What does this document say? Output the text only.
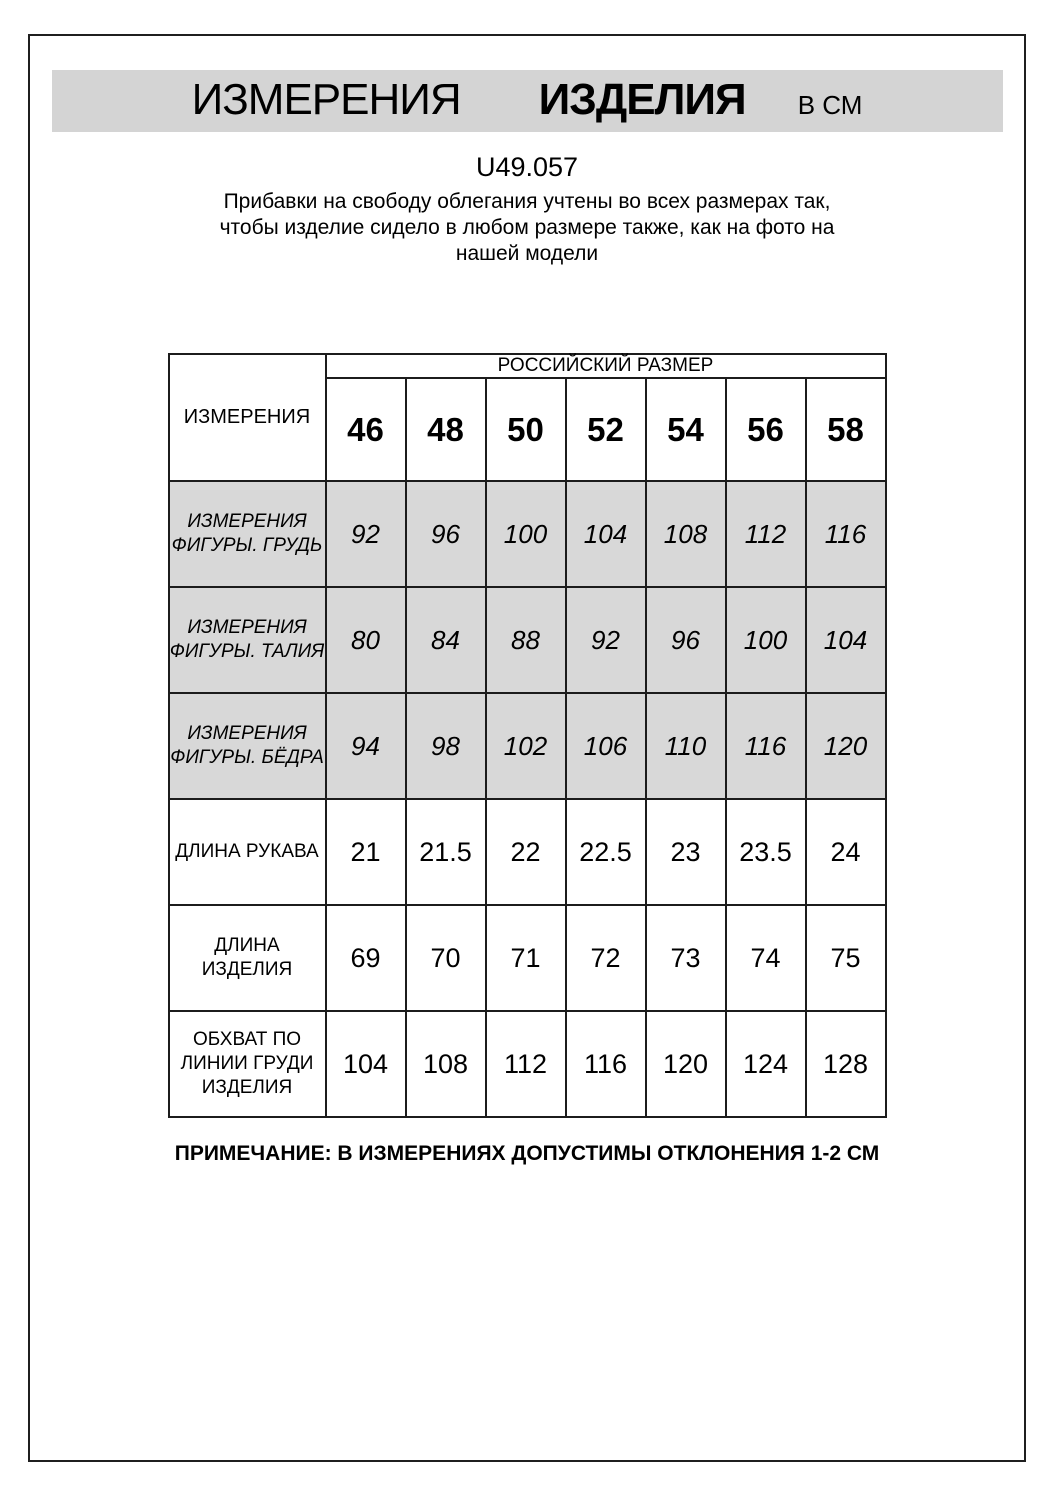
ИЗМЕРЕНИЯ ИЗДЕЛИЯ В СМ
U49.057
Прибавки на свободу облегания учтены во всех размерах так,
чтобы изделие сидело в любом размере также, как на фото на
нашей модели
ИЗМЕРЕНИЯ	РОССИЙСКИЙ РАЗМЕР						
	46	48	50	52	54	56	58
ИЗМЕРЕНИЯ ФИГУРЫ. ГРУДЬ	92	96	100	104	108	112	116
ИЗМЕРЕНИЯ ФИГУРЫ. ТАЛИЯ	80	84	88	92	96	100	104
ИЗМЕРЕНИЯ ФИГУРЫ. БЁДРА	94	98	102	106	110	116	120
ДЛИНА РУКАВА	21	21.5	22	22.5	23	23.5	24
ДЛИНА ИЗДЕЛИЯ	69	70	71	72	73	74	75
ОБХВАТ ПО ЛИНИИ ГРУДИ ИЗДЕЛИЯ	104	108	112	116	120	124	128
ПРИМЕЧАНИЕ: В ИЗМЕРЕНИЯХ ДОПУСТИМЫ ОТКЛОНЕНИЯ 1-2 СМ
